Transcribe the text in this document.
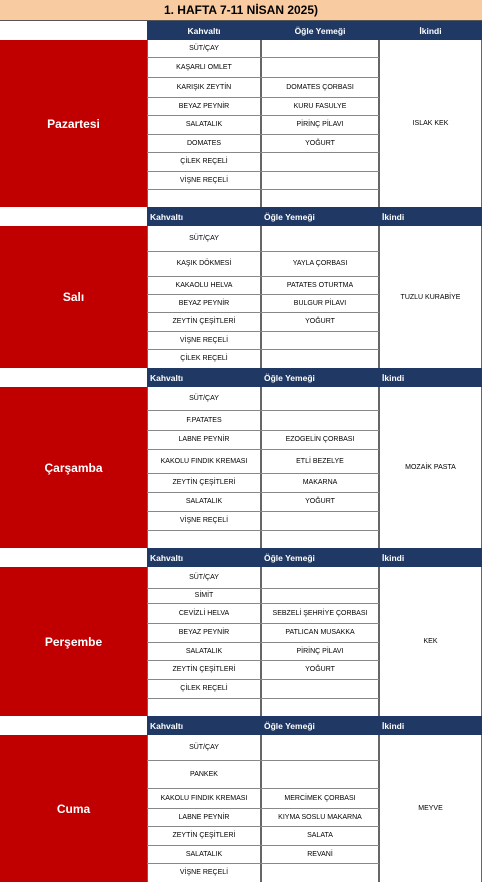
1. HAFTA 7-11 NİSAN 2025)
Kahvaltı	Öğle Yemeği	İkindi
Pazartesi
SÜT/ÇAY
KAŞARLI OMLET
KARIŞIK ZEYTİN	DOMATES ÇORBASI
BEYAZ PEYNİR	KURU FASULYE
SALATALIK	PİRİNÇ PİLAVI
DOMATES	YOĞURT
ÇİLEK REÇELİ
VİŞNE REÇELİ
ISLAK KEK
Kahvaltı	Öğle Yemeği	İkindi
Salı
SÜT/ÇAY
KAŞIK DÖKMESİ	YAYLA ÇORBASI
KAKAOLU HELVA	PATATES OTURTMA
BEYAZ PEYNİR	BULGUR PİLAVI
ZEYTİN ÇEŞİTLERİ	YOĞURT
VİŞNE REÇELİ
ÇİLEK REÇELİ
TUZLU KURABİYE
Kahvaltı	Öğle Yemeği	İkindi
Çarşamba
SÜT/ÇAY
F.PATATES
LABNE PEYNİR	EZOGELİN ÇORBASI
KAKOLU FINDIK KREMASI	ETLİ BEZELYE
ZEYTİN ÇEŞİTLERİ	MAKARNA
SALATALIK	YOĞURT
VİŞNE REÇELİ
MOZAİK PASTA
Kahvaltı	Öğle Yemeği	İkindi
Perşembe
SÜT/ÇAY
SİMİT
CEVİZLİ HELVA	SEBZELİ ŞEHRİYE ÇORBASI
BEYAZ PEYNİR	PATLICAN MUSAKKA
SALATALIK	PİRİNÇ PİLAVI
ZEYTİN ÇEŞİTLERİ	YOĞURT
ÇİLEK REÇELİ
KEK
Kahvaltı	Öğle Yemeği	İkindi
Cuma
SÜT/ÇAY
PANKEK
KAKOLU FINDIK KREMASI	MERCİMEK ÇORBASI
LABNE PEYNİR	KIYMA SOSLU MAKARNA
ZEYTİN ÇEŞİTLERİ	SALATA
SALATALIK	REVANİ
VİŞNE REÇELİ
MEYVE
